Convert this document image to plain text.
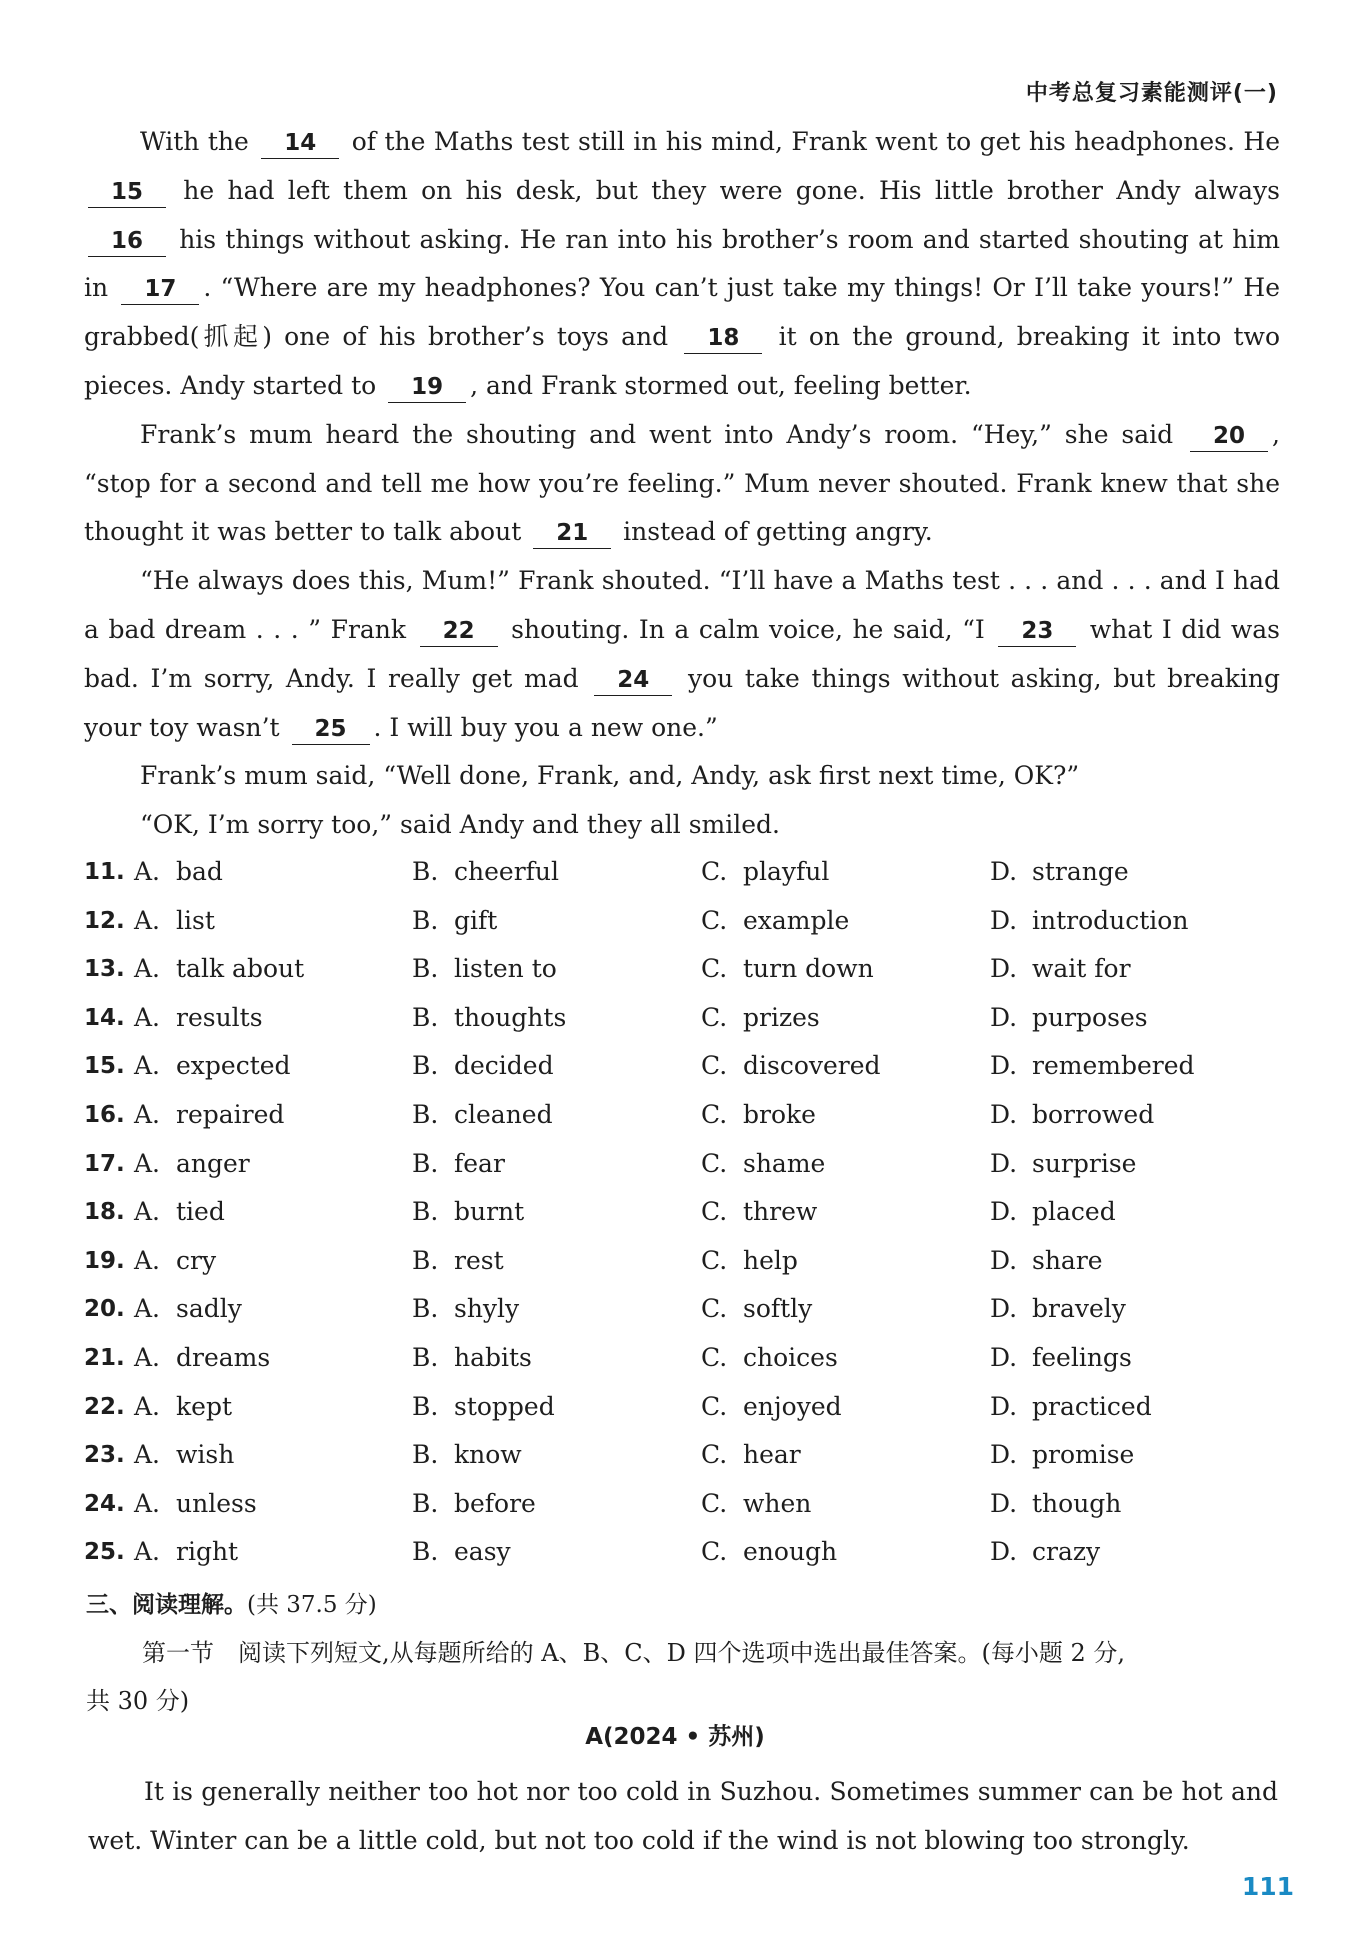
中考总复习素能测评(一)

With the 14 of the Maths test still in his mind, Frank went to get his headphones. He 15 he had left them on his desk, but they were gone. His little brother Andy always 16 his things without asking. He ran into his brother’s room and started shouting at him in 17 . “Where are my headphones? You can’t just take my things! Or I’ll take yours!” He grabbed(抓起) one of his brother’s toys and 18 it on the ground, breaking it into two pieces. Andy started to 19 , and Frank stormed out, feeling better.

Frank’s mum heard the shouting and went into Andy’s room. “Hey,” she said 20 , “stop for a second and tell me how you’re feeling.” Mum never shouted. Frank knew that she thought it was better to talk about 21 instead of getting angry.

“He always does this, Mum!” Frank shouted. “I’ll have a Maths test . . . and . . . and I had a bad dream . . . ” Frank 22 shouting. In a calm voice, he said, “I 23 what I did was bad. I’m sorry, Andy. I really get mad 24 you take things without asking, but breaking your toy wasn’t 25 . I will buy you a new one.”

Frank’s mum said, “Well done, Frank, and, Andy, ask first next time, OK?”

“OK, I’m sorry too,” said Andy and they all smiled.

11. A. bad	B. cheerful	C. playful	D. strange
12. A. list	B. gift	C. example	D. introduction
13. A. talk about	B. listen to	C. turn down	D. wait for
14. A. results	B. thoughts	C. prizes	D. purposes
15. A. expected	B. decided	C. discovered	D. remembered
16. A. repaired	B. cleaned	C. broke	D. borrowed
17. A. anger	B. fear	C. shame	D. surprise
18. A. tied	B. burnt	C. threw	D. placed
19. A. cry	B. rest	C. help	D. share
20. A. sadly	B. shyly	C. softly	D. bravely
21. A. dreams	B. habits	C. choices	D. feelings
22. A. kept	B. stopped	C. enjoyed	D. practiced
23. A. wish	B. know	C. hear	D. promise
24. A. unless	B. before	C. when	D. though
25. A. right	B. easy	C. enough	D. crazy
三、阅读理解。(共 37.5 分)

第一节　阅读下列短文,从每题所给的 A、B、C、D 四个选项中选出最佳答案。(每小题 2 分,

共 30 分)

A(2024 • 苏州)

It is generally neither too hot nor too cold in Suzhou. Sometimes summer can be hot and wet. Winter can be a little cold, but not too cold if the wind is not blowing too strongly.

111
